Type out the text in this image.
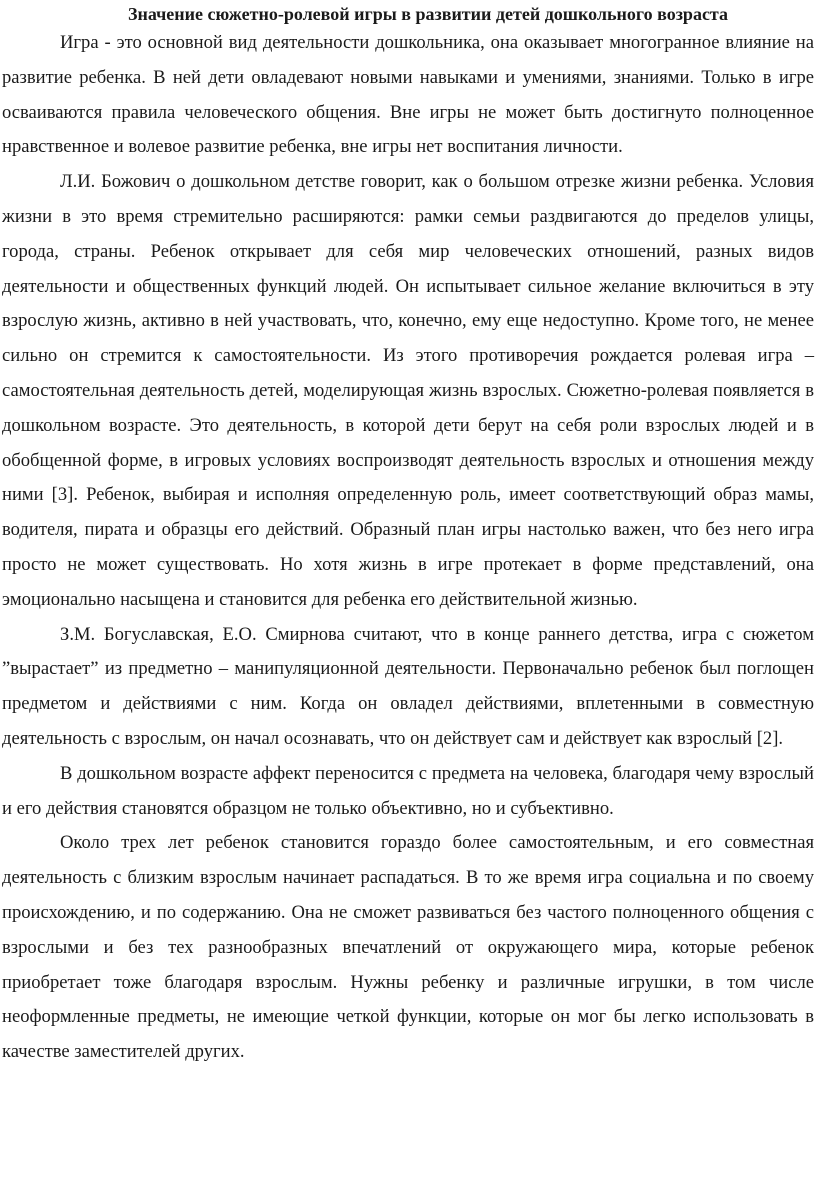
Значение сюжетно-ролевой игры в развитии детей дошкольного возраста

Игра - это основной вид деятельности дошкольника, она оказывает многогранное влияние на развитие ребенка. В ней дети овладевают новыми навыками и умениями, знаниями. Только в игре осваиваются правила человеческого общения. Вне игры не может быть достигнуто полноценное нравственное и волевое развитие ребенка, вне игры нет воспитания личности.

Л.И. Божович о дошкольном детстве говорит, как о большом отрезке жизни ребенка. Условия жизни в это время стремительно расширяются: рамки семьи раздвигаются до пределов улицы, города, страны. Ребенок открывает для себя мир человеческих отношений, разных видов деятельности и общественных функций людей. Он испытывает сильное желание включиться в эту взрослую жизнь, активно в ней участвовать, что, конечно, ему еще недоступно. Кроме того, не менее сильно он стремится к самостоятельности. Из этого противоречия рождается ролевая игра – самостоятельная деятельность детей, моделирующая жизнь взрослых. Сюжетно-ролевая появляется в дошкольном возрасте. Это деятельность, в которой дети берут на себя роли взрослых людей и в обобщенной форме, в игровых условиях воспроизводят деятельность взрослых и отношения между ними [3]. Ребенок, выбирая и исполняя определенную роль, имеет соответствующий образ мамы, водителя, пирата и образцы его действий. Образный план игры настолько важен, что без него игра просто не может существовать. Но хотя жизнь в игре протекает в форме представлений, она эмоционально насыщена и становится для ребенка его действительной жизнью.

З.М. Богуславская, Е.О. Смирнова считают, что в конце раннего детства, игра с сюжетом ”вырастает” из предметно – манипуляционной деятельности. Первоначально ребенок был поглощен предметом и действиями с ним. Когда он овладел действиями, вплетенными в совместную деятельность с взрослым, он начал осознавать, что он действует сам и действует как взрослый [2].

В дошкольном возрасте аффект переносится с предмета на человека, благодаря чему взрослый и его действия становятся образцом не только объективно, но и субъективно.

Около трех лет ребенок становится гораздо более самостоятельным, и его совместная деятельность с близким взрослым начинает распадаться. В то же время игра социальна и по своему происхождению, и по содержанию. Она не сможет развиваться без частого полноценного общения с взрослыми и без тех разнообразных впечатлений от окружающего мира, которые ребенок приобретает тоже благодаря взрослым. Нужны ребенку и различные игрушки, в том числе неоформленные предметы, не имеющие четкой функции, которые он мог бы легко использовать в качестве заместителей других.
